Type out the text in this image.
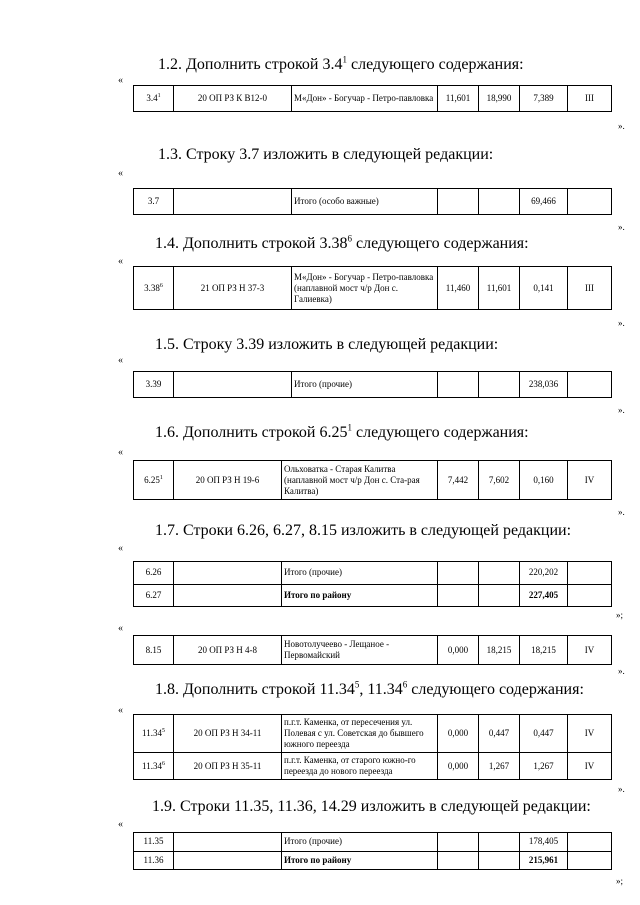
1.2. Дополнить строкой $3.4^1$ следующего содержания:
«
$3.4^1$	20 ОП РЗ К В12-0	М«Дон» - Богучар - Петро-павловка	11,601	18,990	7,389	III
».
1.3. Строку 3.7 изложить в следующей редакции:
«
3.7		Итого (особо важные)			69,466	
».
1.4. Дополнить строкой 3.38$^6$ следующего содержания:
«
3.38$^6$	21 ОП РЗ Н 37-3	М«Дон» - Богучар - Петро-павловка (наплавной мост ч/р Дон с. Галиевка)	11,460	11,601	0,141	III
».
1.5. Строку 3.39 изложить в следующей редакции:
«
3.39		Итого (прочие)			238,036	
».
1.6. Дополнить строкой 6.25$^1$ следующего содержания:
«
6.25$^1$	20 ОП РЗ Н 19-6	Ольховатка - Старая Калитва (наплавной мост ч/р Дон с. Ста-рая Калитва)	7,442	7,602	0,160	IV
».
1.7. Строки 6.26, 6.27, 8.15 изложить в следующей редакции:
«
6.26		Итого (прочие)			220,202	
6.27		Итого по району			227,405	
»;
«
8.15	20 ОП РЗ Н 4-8	Новотолучеево - Лещаное - Первомайский	0,000	18,215	18,215	IV
».
1.8. Дополнить строкой 11.34$^5$, 11.34$^6$ следующего содержания:
«
11.34$^5$	20 ОП РЗ Н 34-11	п.г.т. Каменка, от пересечения ул. Полевая с ул. Советская до бывшего южного переезда	0,000	0,447	0,447	IV
11.34$^6$	20 ОП РЗ Н 35-11	п.г.т. Каменка, от старого южно-го переезда до нового переезда	0,000	1,267	1,267	IV
».
1.9. Строки 11.35, 11.36, 14.29 изложить в следующей редакции:
«
11.35		Итого (прочие)			178,405	
11.36		Итого по району			215,961	
»;
